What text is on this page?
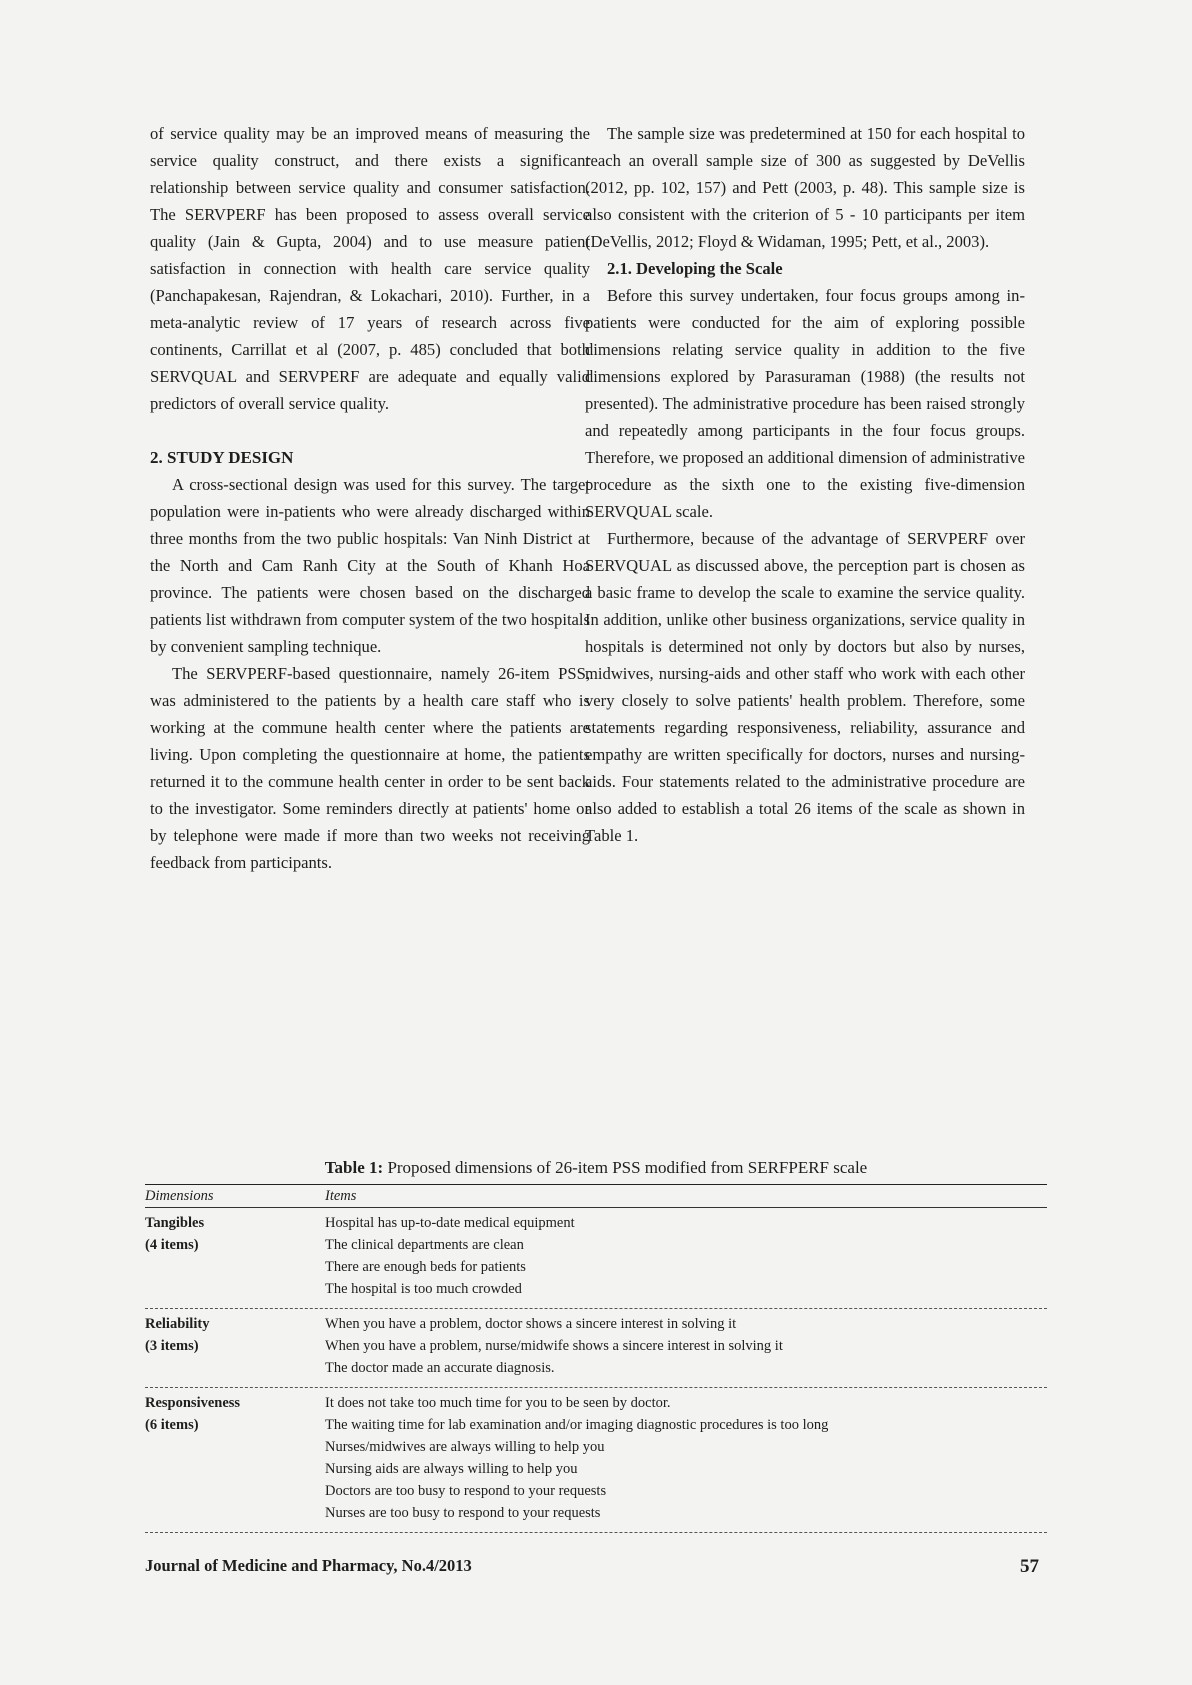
of service quality may be an improved means of measuring the service quality construct, and there exists a significant relationship between service quality and consumer satisfaction. The SERVPERF has been proposed to assess overall service quality (Jain & Gupta, 2004) and to use measure patient satisfaction in connection with health care service quality (Panchapakesan, Rajendran, & Lokachari, 2010). Further, in a meta-analytic review of 17 years of research across five continents, Carrillat et al (2007, p. 485) concluded that both SERVQUAL and SERVPERF are adequate and equally valid predictors of overall service quality.

2. STUDY DESIGN

A cross-sectional design was used for this survey. The target population were in-patients who were already discharged within three months from the two public hospitals: Van Ninh District at the North and Cam Ranh City at the South of Khanh Hoa province. The patients were chosen based on the discharged patients list withdrawn from computer system of the two hospitals by convenient sampling technique.

The SERVPERF-based questionnaire, namely 26-item PSS, was administered to the patients by a health care staff who is working at the commune health center where the patients are living. Upon completing the questionnaire at home, the patients returned it to the commune health center in order to be sent back to the investigator. Some reminders directly at patients' home or by telephone were made if more than two weeks not receiving feedback from participants.

The sample size was predetermined at 150 for each hospital to reach an overall sample size of 300 as suggested by DeVellis (2012, pp. 102, 157) and Pett (2003, p. 48). This sample size is also consistent with the criterion of 5 - 10 participants per item (DeVellis, 2012; Floyd & Widaman, 1995; Pett, et al., 2003).

2.1. Developing the Scale

Before this survey undertaken, four focus groups among in-patients were conducted for the aim of exploring possible dimensions relating service quality in addition to the five dimensions explored by Parasuraman (1988) (the results not presented). The administrative procedure has been raised strongly and repeatedly among participants in the four focus groups. Therefore, we proposed an additional dimension of administrative procedure as the sixth one to the existing five-dimension SERVQUAL scale.

Furthermore, because of the advantage of SERVPERF over SERVQUAL as discussed above, the perception part is chosen as a basic frame to develop the scale to examine the service quality. In addition, unlike other business organizations, service quality in hospitals is determined not only by doctors but also by nurses, midwives, nursing-aids and other staff who work with each other very closely to solve patients' health problem. Therefore, some statements regarding responsiveness, reliability, assurance and empathy are written specifically for doctors, nurses and nursing-aids. Four statements related to the administrative procedure are also added to establish a total 26 items of the scale as shown in Table 1.

Table 1: Proposed dimensions of 26-item PSS modified from SERFPERF scale
Dimensions	Items
Tangibles
(4 items)
Hospital has up-to-date medical equipment
The clinical departments are clean
There are enough beds for patients
The hospital is too much crowded
Reliability
(3 items)
When you have a problem, doctor shows a sincere interest in solving it
When you have a problem, nurse/midwife shows a sincere interest in solving it
The doctor made an accurate diagnosis.
Responsiveness
(6 items)
It does not take too much time for you to be seen by doctor.
The waiting time for lab examination and/or imaging diagnostic procedures is too long
Nurses/midwives are always willing to help you
Nursing aids are always willing to help you
Doctors are too busy to respond to your requests
Nurses are too busy to respond to your requests
Journal of Medicine and Pharmacy, No.4/2013	57
